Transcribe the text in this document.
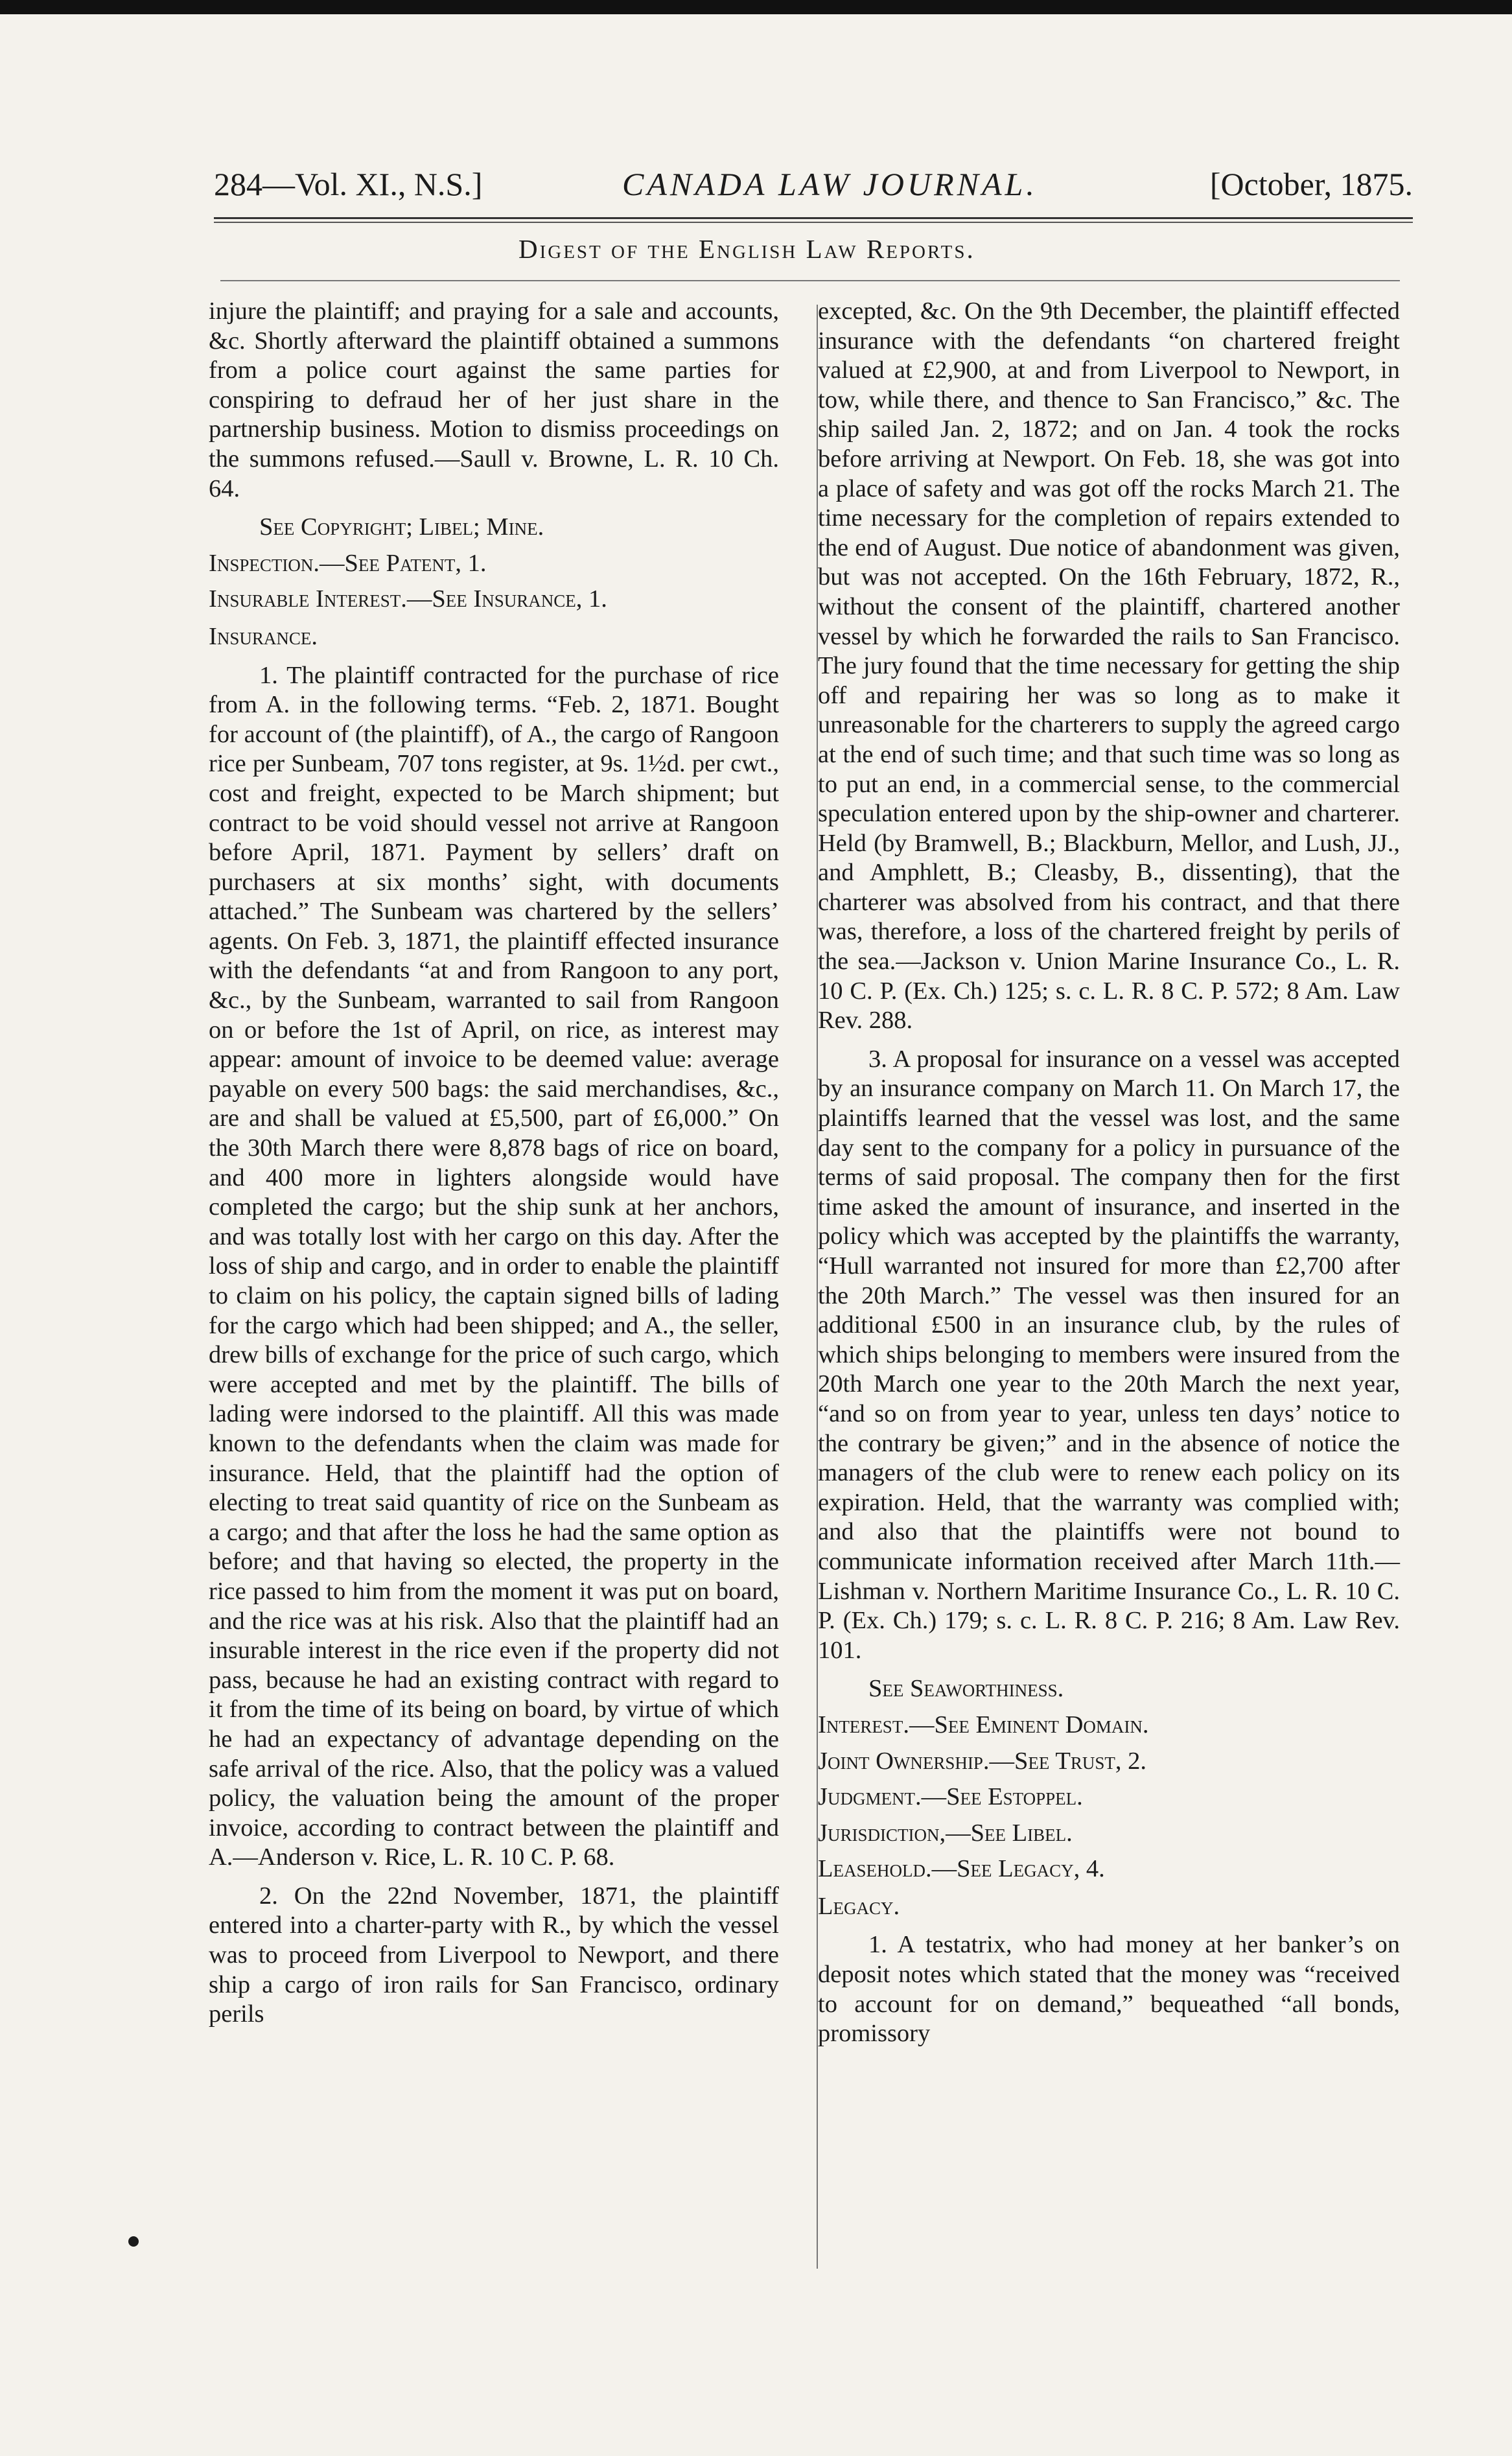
284—Vol. XI., N.S.]	CANADA LAW JOURNAL.	[October, 1875.
Digest of the English Law Reports.

injure the plaintiff; and praying for a sale and accounts, &c. Shortly afterward the plaintiff obtained a summons from a police court against the same parties for conspiring to defraud her of her just share in the partnership business. Motion to dismiss proceedings on the summons refused.—Saull v. Browne, L. R. 10 Ch. 64.

See Copyright; Libel; Mine.

Inspection.—See Patent, 1.

Insurable Interest.—See Insurance, 1.

Insurance.

1. The plaintiff contracted for the purchase of rice from A. in the following terms. “Feb. 2, 1871. Bought for account of (the plaintiff), of A., the cargo of Rangoon rice per Sunbeam, 707 tons register, at 9s. 1½d. per cwt., cost and freight, expected to be March shipment; but contract to be void should vessel not arrive at Rangoon before April, 1871. Payment by sellers’ draft on purchasers at six months’ sight, with documents attached.” The Sunbeam was chartered by the sellers’ agents. On Feb. 3, 1871, the plaintiff effected insurance with the defendants “at and from Rangoon to any port, &c., by the Sunbeam, warranted to sail from Rangoon on or before the 1st of April, on rice, as interest may appear: amount of invoice to be deemed value: average payable on every 500 bags: the said merchandises, &c., are and shall be valued at £5,500, part of £6,000.” On the 30th March there were 8,878 bags of rice on board, and 400 more in lighters alongside would have completed the cargo; but the ship sunk at her anchors, and was totally lost with her cargo on this day. After the loss of ship and cargo, and in order to enable the plaintiff to claim on his policy, the captain signed bills of lading for the cargo which had been shipped; and A., the seller, drew bills of exchange for the price of such cargo, which were accepted and met by the plaintiff. The bills of lading were indorsed to the plaintiff. All this was made known to the defendants when the claim was made for insurance. Held, that the plaintiff had the option of electing to treat said quantity of rice on the Sunbeam as a cargo; and that after the loss he had the same option as before; and that having so elected, the property in the rice passed to him from the moment it was put on board, and the rice was at his risk. Also that the plaintiff had an insurable interest in the rice even if the property did not pass, because he had an existing contract with regard to it from the time of its being on board, by virtue of which he had an expectancy of advantage depending on the safe arrival of the rice. Also, that the policy was a valued policy, the valuation being the amount of the proper invoice, according to contract between the plaintiff and A.—Anderson v. Rice, L. R. 10 C. P. 68.

2. On the 22nd November, 1871, the plaintiff entered into a charter-party with R., by which the vessel was to proceed from Liverpool to Newport, and there ship a cargo of iron rails for San Francisco, ordinary perils

excepted, &c. On the 9th December, the plaintiff effected insurance with the defendants “on chartered freight valued at £2,900, at and from Liverpool to Newport, in tow, while there, and thence to San Francisco,” &c. The ship sailed Jan. 2, 1872; and on Jan. 4 took the rocks before arriving at Newport. On Feb. 18, she was got into a place of safety and was got off the rocks March 21. The time necessary for the completion of repairs extended to the end of August. Due notice of abandonment was given, but was not accepted. On the 16th February, 1872, R., without the consent of the plaintiff, chartered another vessel by which he forwarded the rails to San Francisco. The jury found that the time necessary for getting the ship off and repairing her was so long as to make it unreasonable for the charterers to supply the agreed cargo at the end of such time; and that such time was so long as to put an end, in a commercial sense, to the commercial speculation entered upon by the ship-owner and charterer. Held (by Bramwell, B.; Blackburn, Mellor, and Lush, JJ., and Amphlett, B.; Cleasby, B., dissenting), that the charterer was absolved from his contract, and that there was, therefore, a loss of the chartered freight by perils of the sea.—Jackson v. Union Marine Insurance Co., L. R. 10 C. P. (Ex. Ch.) 125; s. c. L. R. 8 C. P. 572; 8 Am. Law Rev. 288.

3. A proposal for insurance on a vessel was accepted by an insurance company on March 11. On March 17, the plaintiffs learned that the vessel was lost, and the same day sent to the company for a policy in pursuance of the terms of said proposal. The company then for the first time asked the amount of insurance, and inserted in the policy which was accepted by the plaintiffs the warranty, “Hull warranted not insured for more than £2,700 after the 20th March.” The vessel was then insured for an additional £500 in an insurance club, by the rules of which ships belonging to members were insured from the 20th March one year to the 20th March the next year, “and so on from year to year, unless ten days’ notice to the contrary be given;” and in the absence of notice the managers of the club were to renew each policy on its expiration. Held, that the warranty was complied with; and also that the plaintiffs were not bound to communicate information received after March 11th.—Lishman v. Northern Maritime Insurance Co., L. R. 10 C. P. (Ex. Ch.) 179; s. c. L. R. 8 C. P. 216; 8 Am. Law Rev. 101.

See Seaworthiness.

Interest.—See Eminent Domain.

Joint Ownership.—See Trust, 2.

Judgment.—See Estoppel.

Jurisdiction,—See Libel.

Leasehold.—See Legacy, 4.

Legacy.

1. A testatrix, who had money at her banker’s on deposit notes which stated that the money was “received to account for on demand,” bequeathed “all bonds, promissory
